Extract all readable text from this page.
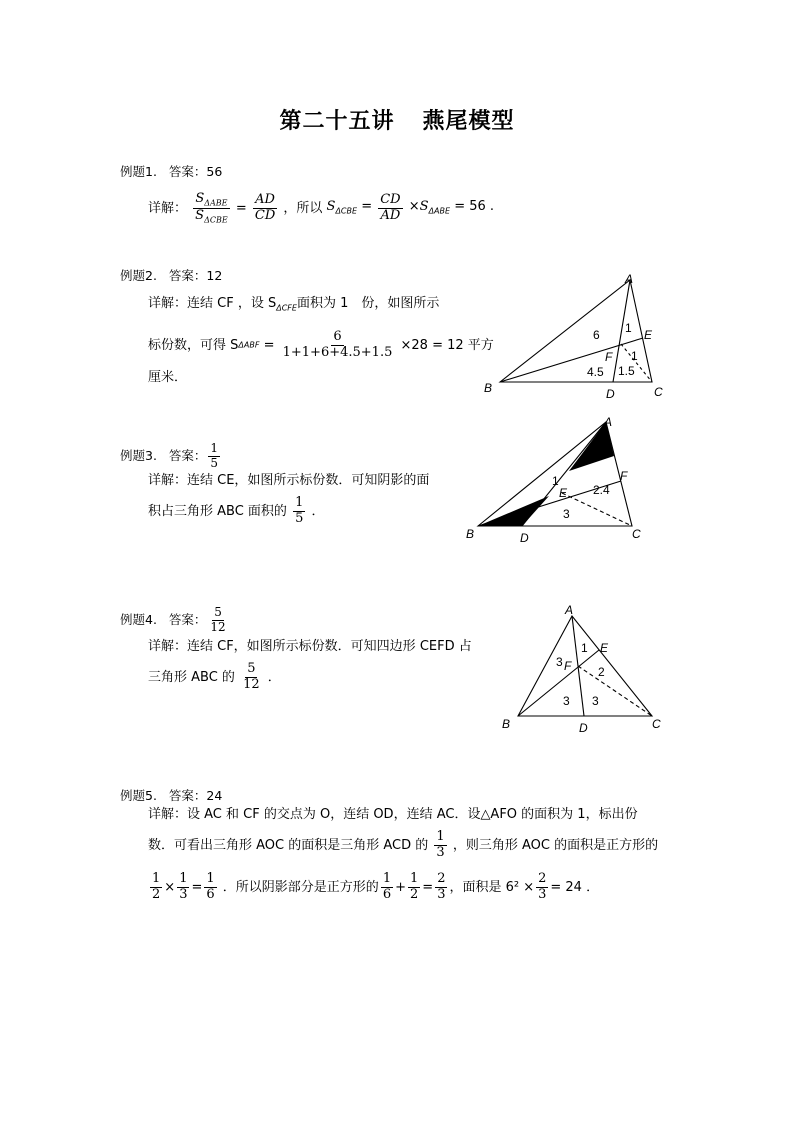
第二十五讲 燕尾模型
例题1. 答案：56
详解： $\frac{S_{\Delta ABE}}{S_{\Delta CBE}} = \frac{AD}{CD}$ ，所以 $S_{\Delta CBE} = \frac{CD}{AD} \times S_{\Delta ABE} = 56$ .
例题2. 答案：12
详解：连结 CF ，设 $S_{\Delta CFE}$面积为 1　份，如图所示
标份数，可得 $S\Delta ABF = \frac{6}{1+1+6+4.5+1.5} \times 28 = 12$ 平方
厘米．
A
B	C
D
E
F
6 1
1
4.5 1.5
例题3. 答案： $\frac{1}{5}$
详解：连结 CE，如图所示标份数．可知阴影的面
积占三角形 ABC 面积的 $\frac{1}{5}$ ．
A
B	C
D
E
F
1
2.4
3
例题4. 答案： $\frac{5}{12}$
详解：连结 CF，如图所示标份数．可知四边形 CEFD 占
三角形 ABC 的 $\frac{5}{12}$ ．
A
B	C
D
E
F
3
1
2
3 3
例题5. 答案：24
详解：设 AC 和 CF 的交点为 O，连结 OD，连结 AC．设△AFO 的面积为 1，标出份
数．可看出三角形 AOC 的面积是三角形 ACD 的 $\frac{1}{3}$ ，则三角形 AOC 的面积是正方形的
$\frac{1}{2} \times \frac{1}{3} = \frac{1}{6}$ ．所以阴影部分是正方形的 $\frac{1}{6} + \frac{1}{2} = \frac{2}{3}$ ，面积是 $6^2 \times \frac{2}{3} = 24$ ．
